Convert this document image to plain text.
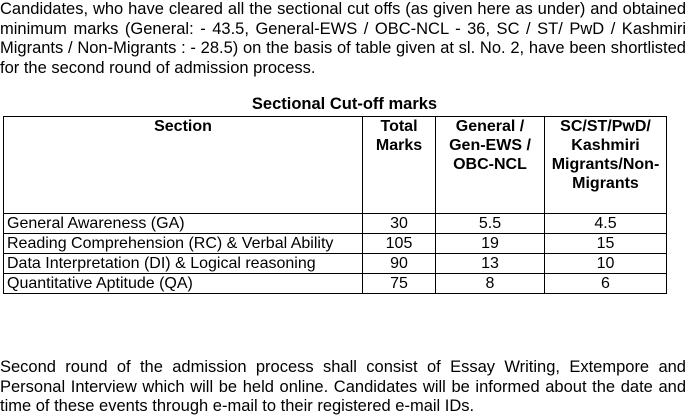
Candidates, who have cleared all the sectional cut offs (as given here as under) and obtained minimum marks (General: - 43.5, General-EWS / OBC-NCL - 36, SC / ST/ PwD / Kashmiri Migrants / Non-Migrants : - 28.5) on the basis of table given at sl. No. 2, have been shortlisted for the second round of admission process.

Sectional Cut-off marks
Section	Total Marks	General / Gen-EWS / OBC-NCL	SC/ST/PwD/ Kashmiri Migrants/Non-Migrants
General Awareness (GA)	30	5.5	4.5
Reading Comprehension (RC) & Verbal Ability	105	19	15
Data Interpretation (DI) & Logical reasoning	90	13	10
Quantitative Aptitude (QA)	75	8	6

Second round of the admission process shall consist of Essay Writing, Extempore and Personal Interview which will be held online. Candidates will be informed about the date and time of these events through e-mail to their registered e-mail IDs.
